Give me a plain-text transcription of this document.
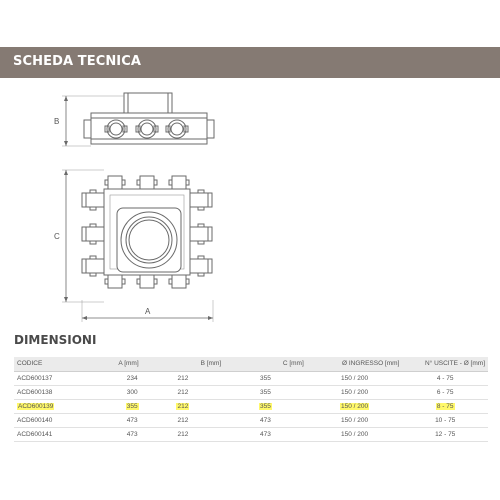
SCHEDA TECNICA
B
C
A
DIMENSIONI
CODICE	A [mm]	B [mm]	C [mm]	Ø INGRESSO [mm]	N° USCITE - Ø [mm]
ACD600137	234	212	355	150 / 200	4 - 75
ACD600138	300	212	355	150 / 200	6 - 75
ACD600139	355	212	355	150 / 200	8 - 75
ACD600140	473	212	473	150 / 200	10 - 75
ACD600141	473	212	473	150 / 200	12 - 75
